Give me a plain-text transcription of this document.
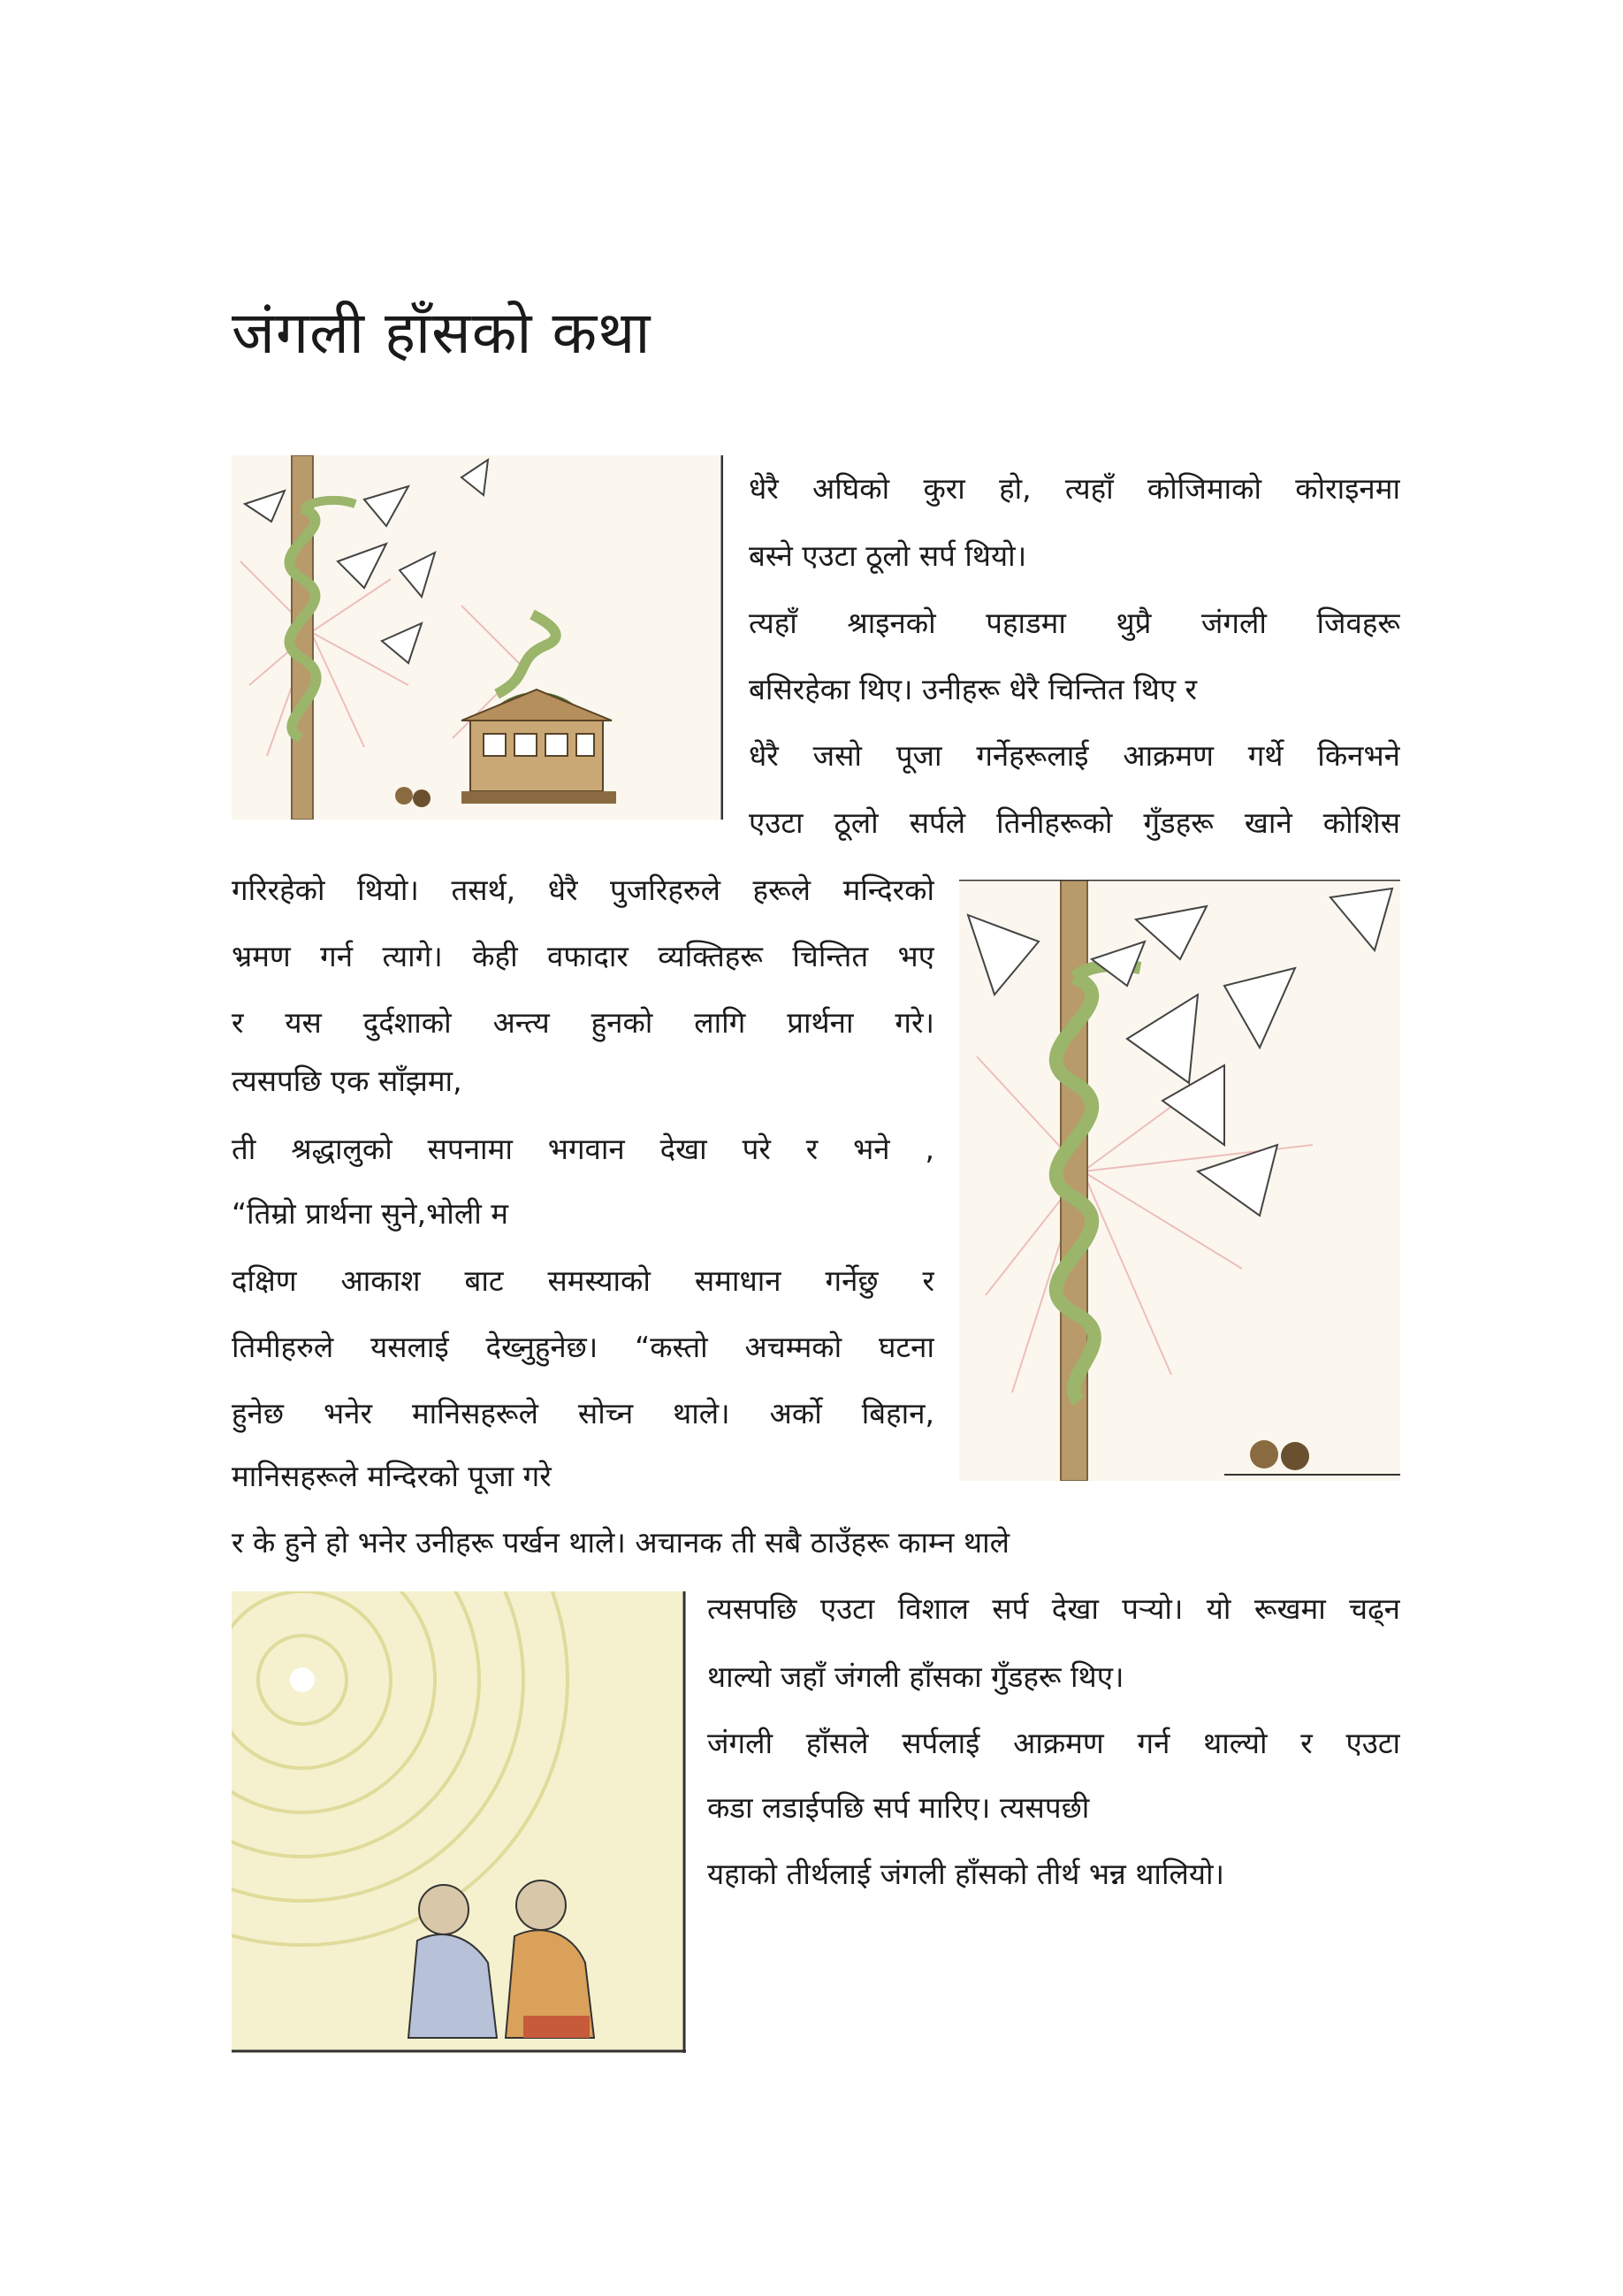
जंगली हाँसको कथा

धेरै अघिको कुरा हो, त्यहाँ कोजिमाको कोराइनमा

बस्ने एउटा ठूलो सर्प थियो।

त्यहाँ श्राइनको पहाडमा थुप्रै जंगली जिवहरू

बसिरहेका थिए। उनीहरू धेरै चिन्तित थिए र

धेरै जसो पूजा गर्नेहरूलाई आक्रमण गर्थे किनभने

एउटा ठूलो सर्पले तिनीहरूको गुँडहरू खाने कोशिस

गरिरहेको थियो। तसर्थ, धेरै पुजरिहरुले हरूले मन्दिरको

भ्रमण गर्न त्यागे। केही वफादार व्यक्तिहरू चिन्तित भए

र यस दुर्दशाको अन्त्य हुनको लागि प्रार्थना गरे।

त्यसपछि एक साँझमा,

ती श्रद्धालुको सपनामा भगवान देखा परे र भने ,

“तिम्रो प्रार्थना सुने,भोली म

दक्षिण आकाश बाट समस्याको समाधान गर्नेछु र

तिमीहरुले यसलाई देख्नुहुनेछ। “कस्तो अचम्मको घटना

हुनेछ भनेर मानिसहरूले सोच्न थाले। अर्को बिहान,

मानिसहरूले मन्दिरको पूजा गरे

र के हुने हो भनेर उनीहरू पर्खन थाले। अचानक ती सबै ठाउँहरू काम्न थाले

त्यसपछि एउटा विशाल सर्प देखा पर्‍यो। यो रूखमा चढ्न

थाल्यो जहाँ जंगली हाँसका गुँडहरू थिए।

जंगली हाँसले सर्पलाई आक्रमण गर्न थाल्यो र एउटा

कडा लडाईपछि सर्प मारिए। त्यसपछी

यहाको तीर्थलाई जंगली हाँसको तीर्थ भन्न थालियो।
